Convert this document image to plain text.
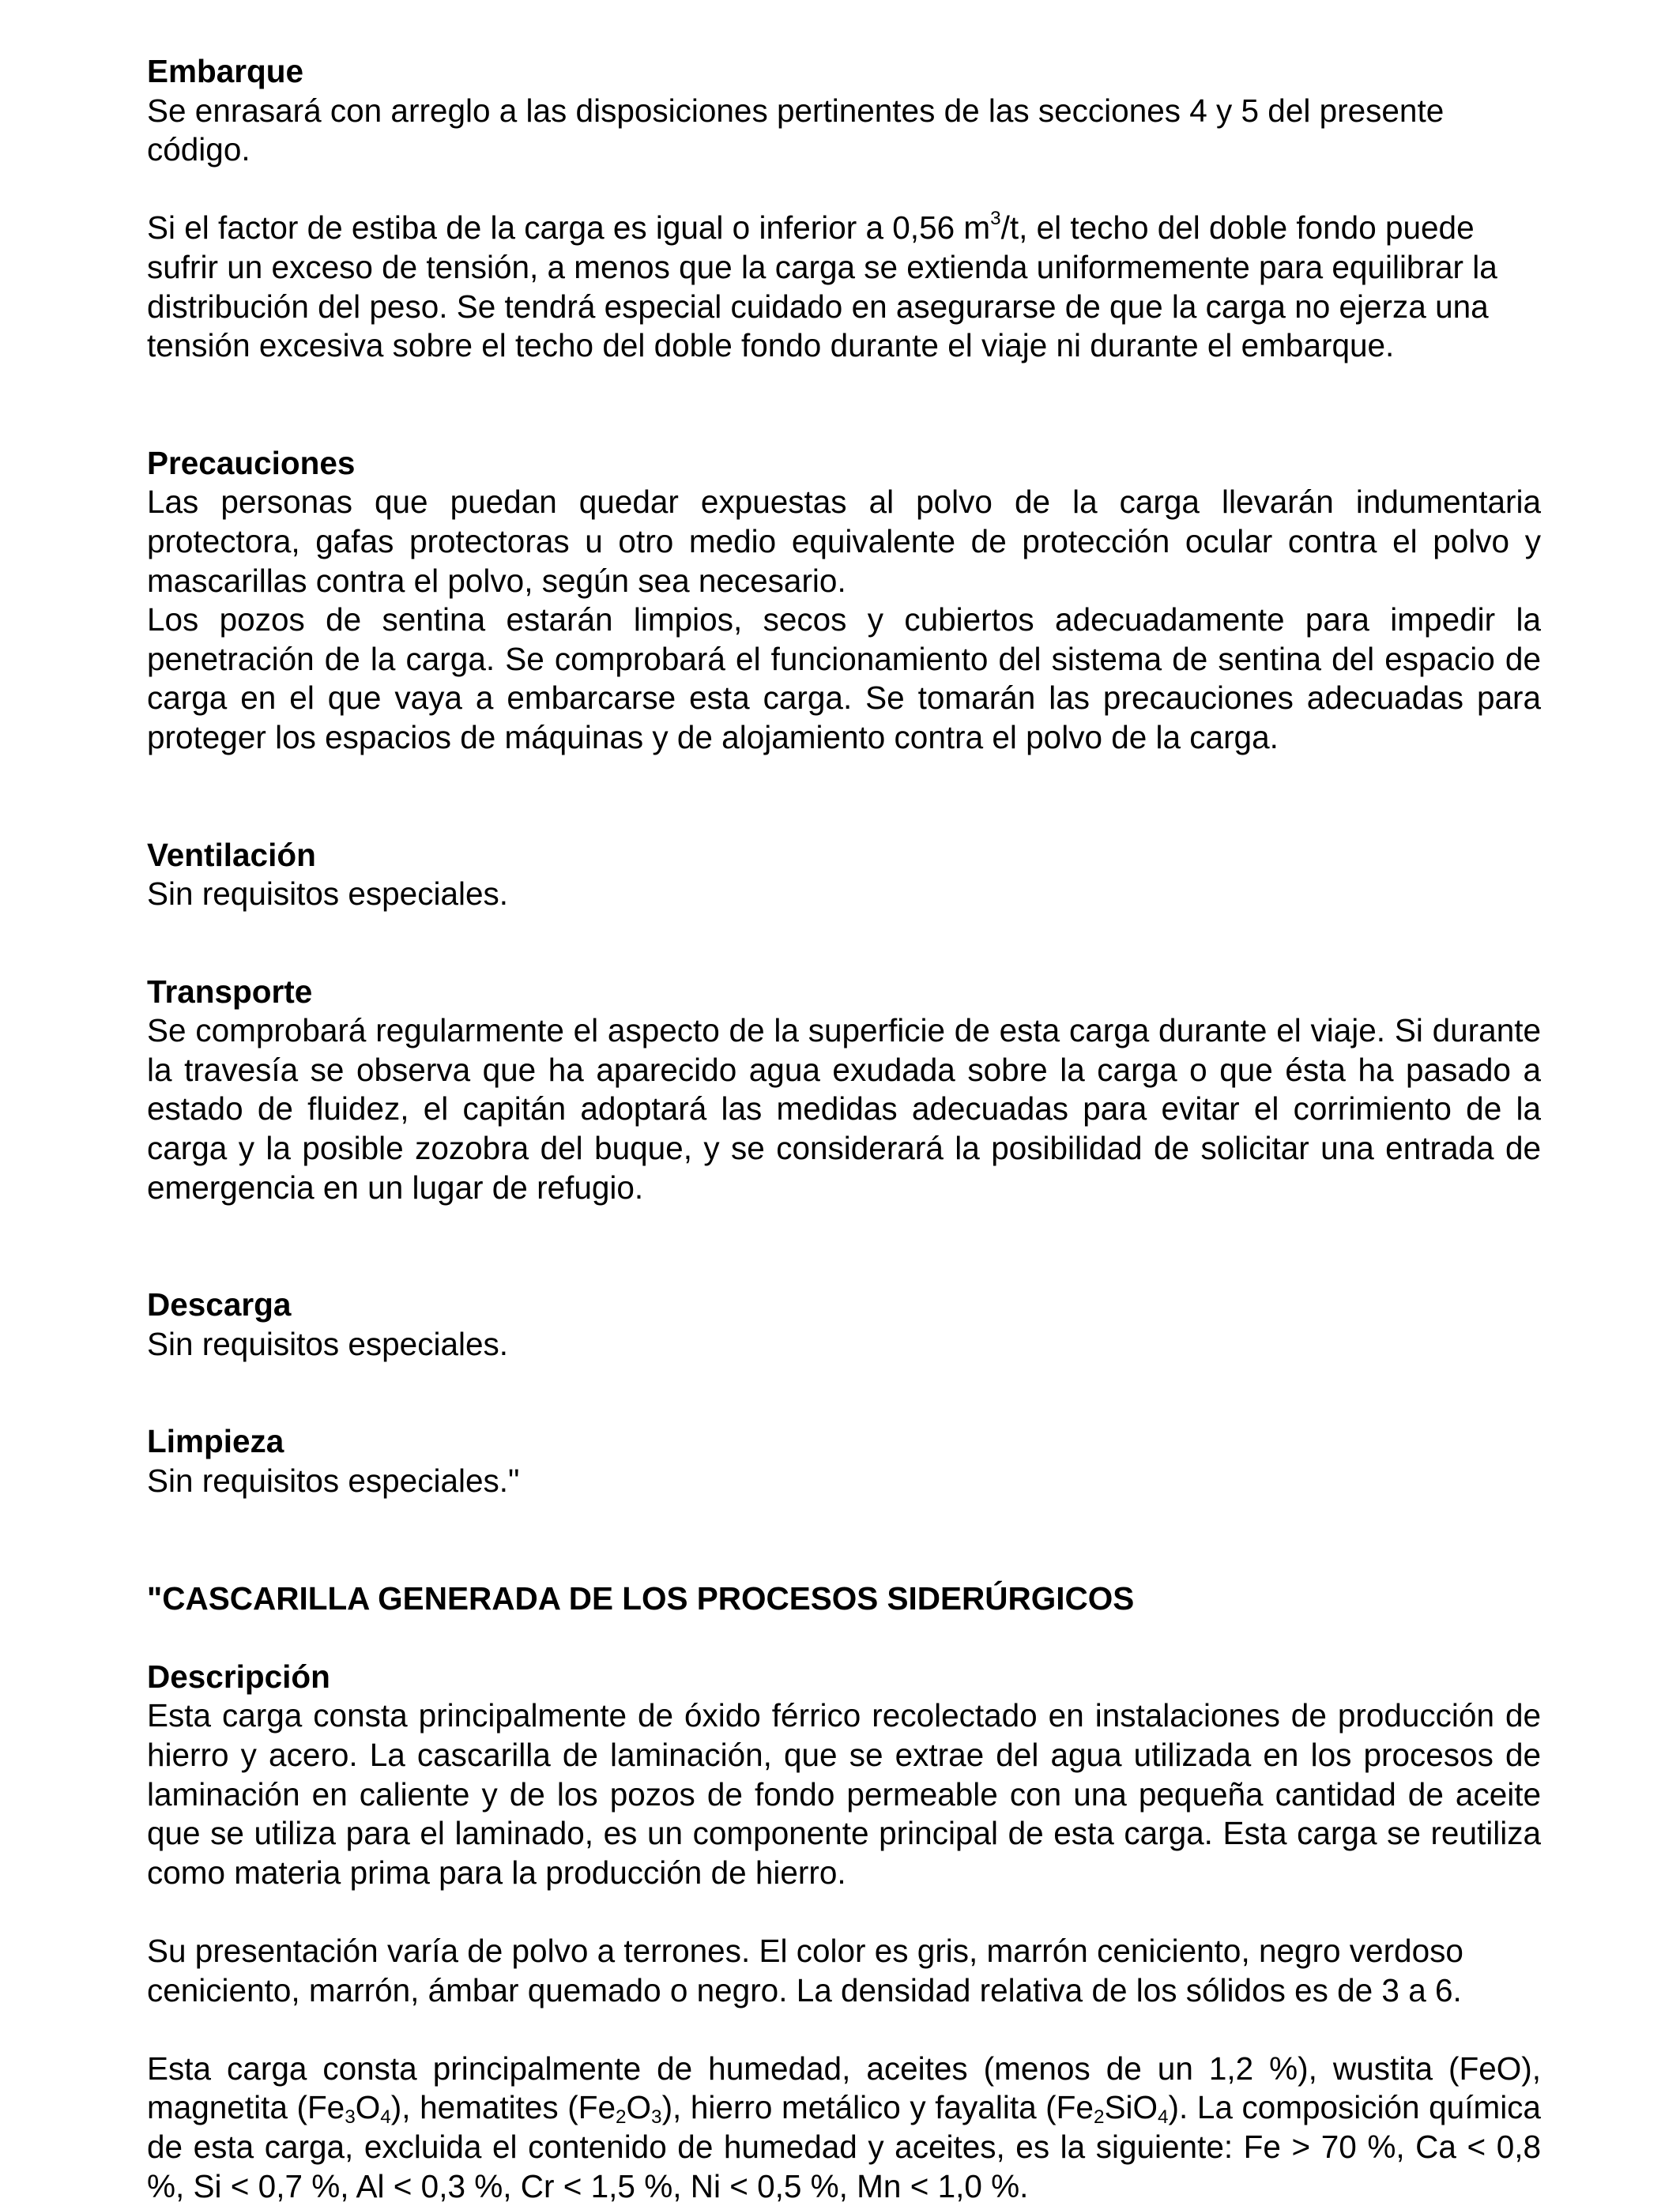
Embarque
Se enrasará con arreglo a las disposiciones pertinentes de las secciones 4 y 5 del presente código.
Si el factor de estiba de la carga es igual o inferior a 0,56 $m^3/t$, el techo del doble fondo puede sufrir un exceso de tensión, a menos que la carga se extienda uniformemente para equilibrar la distribución del peso. Se tendrá especial cuidado en asegurarse de que la carga no ejerza una tensión excesiva sobre el techo del doble fondo durante el viaje ni durante el embarque.
Precauciones
Las personas que puedan quedar expuestas al polvo de la carga llevarán indumentaria protectora, gafas protectoras u otro medio equivalente de protección ocular contra el polvo y mascarillas contra el polvo, según sea necesario.
Los pozos de sentina estarán limpios, secos y cubiertos adecuadamente para impedir la penetración de la carga. Se comprobará el funcionamiento del sistema de sentina del espacio de carga en el que vaya a embarcarse esta carga. Se tomarán las precauciones adecuadas para proteger los espacios de máquinas y de alojamiento contra el polvo de la carga.
Ventilación
Sin requisitos especiales.
Transporte
Se comprobará regularmente el aspecto de la superficie de esta carga durante el viaje. Si durante la travesía se observa que ha aparecido agua exudada sobre la carga o que ésta ha pasado a estado de fluidez, el capitán adoptará las medidas adecuadas para evitar el corrimiento de la carga y la posible zozobra del buque, y se considerará la posibilidad de solicitar una entrada de emergencia en un lugar de refugio.
Descarga
Sin requisitos especiales.
Limpieza
Sin requisitos especiales."
"CASCARILLA GENERADA DE LOS PROCESOS SIDERÚRGICOS
Descripción
Esta carga consta principalmente de óxido férrico recolectado en instalaciones de producción de hierro y acero. La cascarilla de laminación, que se extrae del agua utilizada en los procesos de laminación en caliente y de los pozos de fondo permeable con una pequeña cantidad de aceite que se utiliza para el laminado, es un componente principal de esta carga. Esta carga se reutiliza como materia prima para la producción de hierro.
Su presentación varía de polvo a terrones. El color es gris, marrón ceniciento, negro verdoso ceniciento, marrón, ámbar quemado o negro. La densidad relativa de los sólidos es de 3 a 6.
Esta carga consta principalmente de humedad, aceites (menos de un 1,2 %), wustita (FeO), magnetita $(Fe_3O_4)$, hematites $(Fe_2O_3)$, hierro metálico y fayalita $(Fe_2SiO_4)$. La composición química de esta carga, excluida el contenido de humedad y aceites, es la siguiente: Fe > 70 %, Ca < 0,8 %, Si < 0,7 %, Al < 0,3 %, Cr < 1,5 %, Ni < 0,5 %, Mn < 1,0 %.
